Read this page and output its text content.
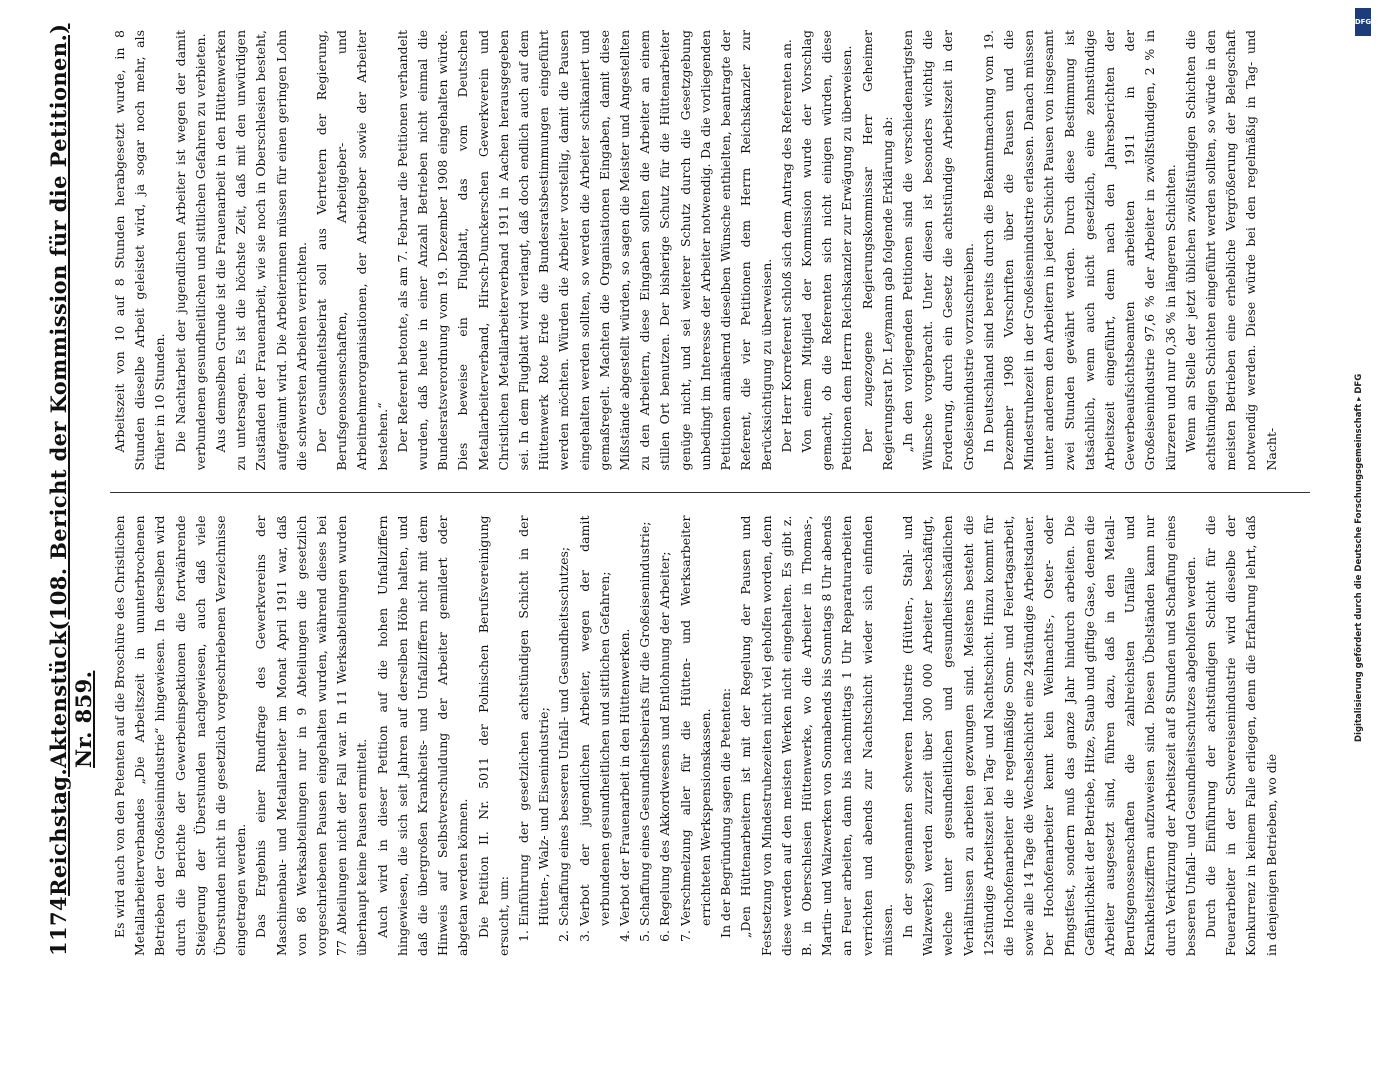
1174
Reichstag.
Aktenstück Nr. 859.
(108. Bericht der Kommission für die Petitionen.)

Es wird auch von den Petenten auf die Broschüre des Christlichen Metallarbeiterverbandes „Die Arbeitszeit in ununterbrochenen Betrieben der Großeiseinindustrie“ hingewiesen. In derselben wird durch die Berichte der Gewerbeinspektionen die fortwährende Steigerung der Überstunden nachgewiesen, auch daß viele Überstunden nicht in die gesetzlich vorgeschriebenen Verzeichnisse eingetragen werden. Das Ergebnis einer Rundfrage des Gewerkvereins der Maschinenbau- und Metallarbeiter im Monat April 1911 war, daß von 86 Werksabteilungen nur in 9 Abteilungen die gesetzlich vorgeschriebenen Pausen eingehalten wurden, während dieses bei 77 Abteilungen nicht der Fall war. In 11 Werksabteilungen wurden überhaupt keine Pausen ermittelt. Auch wird in dieser Petition auf die hohen Unfallziffern hingewiesen, die sich seit Jahren auf derselben Höhe halten, und daß die übergroßen Krankheits- und Unfallziffern nicht mit dem Hinweis auf Selbstverschuldung der Arbeiter gemildert oder abgetan werden können. Die Petition II. Nr. 5011 der Polnischen Berufsvereinigung ersucht, um: 1. Einführung der gesetzlichen achtstündigen Schicht in der Hütten-, Walz- und Eisenindustrie; 2. Schaffung eines besseren Unfall- und Gesundheitsschutzes; 3. Verbot der jugendlichen Arbeiter, wegen der damit verbundenen gesundheitlichen und sittlichen Gefahren; 4. Verbot der Frauenarbeit in den Hüttenwerken. 5. Schaffung eines Gesundheitsbeirats für die Großeisenindustrie; 6. Regelung des Akkordwesens und Entlohnung der Arbeiter; 7. Verschmelzung aller für die Hütten- und Werksarbeiter errichteten Werkspensionskassen. In der Begründung sagen die Petenten: „Den Hüttenarbeitern ist mit der Regelung der Pausen und Festsetzung von Mindestruhezeiten nicht viel geholfen worden, denn diese werden auf den meisten Werken nicht eingehalten. Es gibt z. B. in Oberschlesien Hüttenwerke, wo die Arbeiter in Thomas-, Martin- und Walzwerken von Sonnabends bis Sonntags 8 Uhr abends an Feuer arbeiten, dann bis nachmittags 1 Uhr Reparaturarbeiten verrichten und abends zur Nachtschicht wieder sich einfinden müssen. In der sogenannten schweren Industrie (Hütten-, Stahl- und Walzwerke) werden zurzeit über 300 000 Arbeiter beschäftigt, welche unter gesundheitlichen und gesundheitsschädlichen Verhältnissen zu arbeiten gezwungen sind. Meistens besteht die 12stündige Arbeitszeit bei Tag- und Nachtschicht. Hinzu kommt für die Hochofenarbeiter die regelmäßige Sonn- und Feiertagsarbeit, sowie alle 14 Tage die Wechselschicht eine 24stündige Arbeitsdauer. Der Hochofenarbeiter kennt kein Weihnachts-, Oster- oder Pfingstfest, sondern muß das ganze Jahr hindurch arbeiten. Die Gefährlichkeit der Betriebe, Hitze, Staub und giftige Gase, denen die Arbeiter ausgesetzt sind, führen dazu, daß in den Metall-Berufsgenossenschaften die zahlreichsten Unfälle und Krankheitsziffern aufzuweisen sind. Diesen Übelständen kann nur durch Verkürzung der Arbeitszeit auf 8 Stunden und Schaffung eines besseren Unfall- und Gesundheitsschutzes abgeholfen werden. Durch die Einführung der achtstündigen Schicht für die Feuerarbeiter in der Schwereisenindustrie wird dieselbe der Konkurrenz in keinem Falle erliegen, denn die Erfahrung lehrt, daß in denjenigen Betrieben, wo die

Arbeitszeit von 10 auf 8 Stunden herabgesetzt wurde, in 8 Stunden dieselbe Arbeit geleistet wird, ja sogar noch mehr, als früher in 10 Stunden. Die Nachtarbeit der jugendlichen Arbeiter ist wegen der damit verbundenen gesundheitlichen und sittlichen Gefahren zu verbieten. Aus demselben Grunde ist die Frauenarbeit in den Hüttenwerken zu untersagen. Es ist die höchste Zeit, daß mit den unwürdigen Zuständen der Frauenarbeit, wie sie noch in Oberschlesien besteht, aufgeräumt wird. Die Arbeiterinnen müssen für einen geringen Lohn die schwersten Arbeiten verrichten. Der Gesundheitsbeirat soll aus Vertretern der Regierung, Berufsgenossenschaften, Arbeitgeber- und Arbeitnehmerorganisationen, der Arbeitgeber sowie der Arbeiter bestehen.“ Der Referent betonte, als am 7. Februar die Petitionen verhandelt wurden, daß heute in einer Anzahl Betrieben nicht einmal die Bundesratsverordnung vom 19. Dezember 1908 eingehalten würde. Dies beweise ein Flugblatt, das vom Deutschen Metallarbeiterverband, Hirsch-Dunckerschen Gewerkverein und Christlichen Metallarbeiterverband 1911 in Aachen herausgegeben sei. In dem Flugblatt wird verlangt, daß doch endlich auch auf dem Hüttenwerk Rote Erde die Bundesratsbestimmungen eingeführt werden möchten. Würden die Arbeiter vorstellig, damit die Pausen eingehalten werden sollten, so werden die Arbeiter schikaniert und gemaßregelt. Machten die Organisationen Eingaben, damit diese Mißstände abgestellt würden, so sagen die Meister und Angestellten zu den Arbeitern, diese Eingaben sollten die Arbeiter an einem stillen Ort benutzen. Der bisherige Schutz für die Hüttenarbeiter genüge nicht, und sei weiterer Schutz durch die Gesetzgebung unbedingt im Interesse der Arbeiter notwendig. Da die vorliegenden Petitionen annähernd dieselben Wünsche enthielten, beantragte der Referent, die vier Petitionen dem Herrn Reichskanzler zur Berücksichtigung zu überweisen. Der Herr Korreferent schloß sich dem Antrag des Referenten an. Von einem Mitglied der Kommission wurde der Vorschlag gemacht, ob die Referenten sich nicht einigen würden, diese Petitionen dem Herrn Reichskanzler zur Erwägung zu überweisen. Der zugezogene Regierungskommissar Herr Geheimer Regierungsrat Dr. Leymann gab folgende Erklärung ab: „In den vorliegenden Petitionen sind die verschiedenartigsten Wünsche vorgebracht. Unter diesen ist besonders wichtig die Forderung, durch ein Gesetz die achtstündige Arbeitszeit in der Großeisenindustrie vorzuschreiben. In Deutschland sind bereits durch die Bekanntmachung vom 19. Dezember 1908 Vorschriften über die Pausen und die Mindestruhezeit in der Großeisenindustrie erlassen. Danach müssen unter anderem den Arbeitern in jeder Schicht Pausen von insgesamt zwei Stunden gewährt werden. Durch diese Bestimmung ist tatsächlich, wenn auch nicht gesetzlich, eine zehnstündige Arbeitszeit eingeführt, denn nach den Jahresberichten der Gewerbeaufsichtsbeamten arbeiteten 1911 in der Großeisenindustrie 97,6 % der Arbeiter in zwölfstündigen, 2 % in kürzeren und nur 0,36 % in längeren Schichten. Wenn an Stelle der jetzt üblichen zwölfstündigen Schichten die achtstündigen Schichten eingeführt werden sollten, so würde in den meisten Betrieben eine erhebliche Vergrößerung der Belegschaft notwendig werden. Diese würde bei den regelmäßig in Tag- und Nacht-

DFG
Digitalisierung gefördert durch die Deutsche Forschungsgemeinschaft ▸ DFG
